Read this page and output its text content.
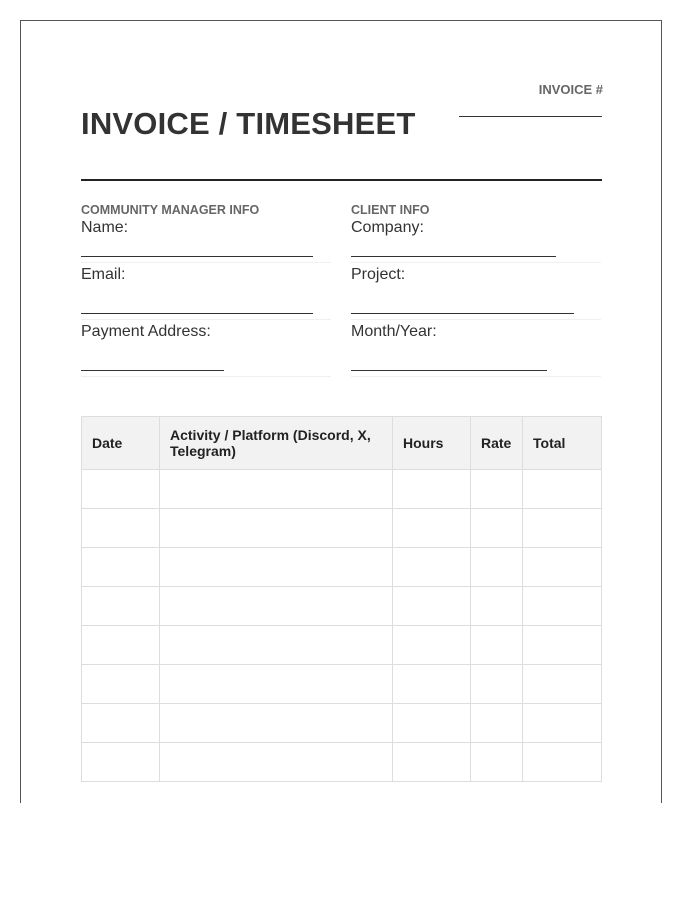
INVOICE #
INVOICE / TIMESHEET
COMMUNITY MANAGER INFO
Name:
Email:
Payment Address:
CLIENT INFO
Company:
Project:
Month/Year:
Date	Activity / Platform (Discord, X, Telegram)	Hours	Rate	Total
